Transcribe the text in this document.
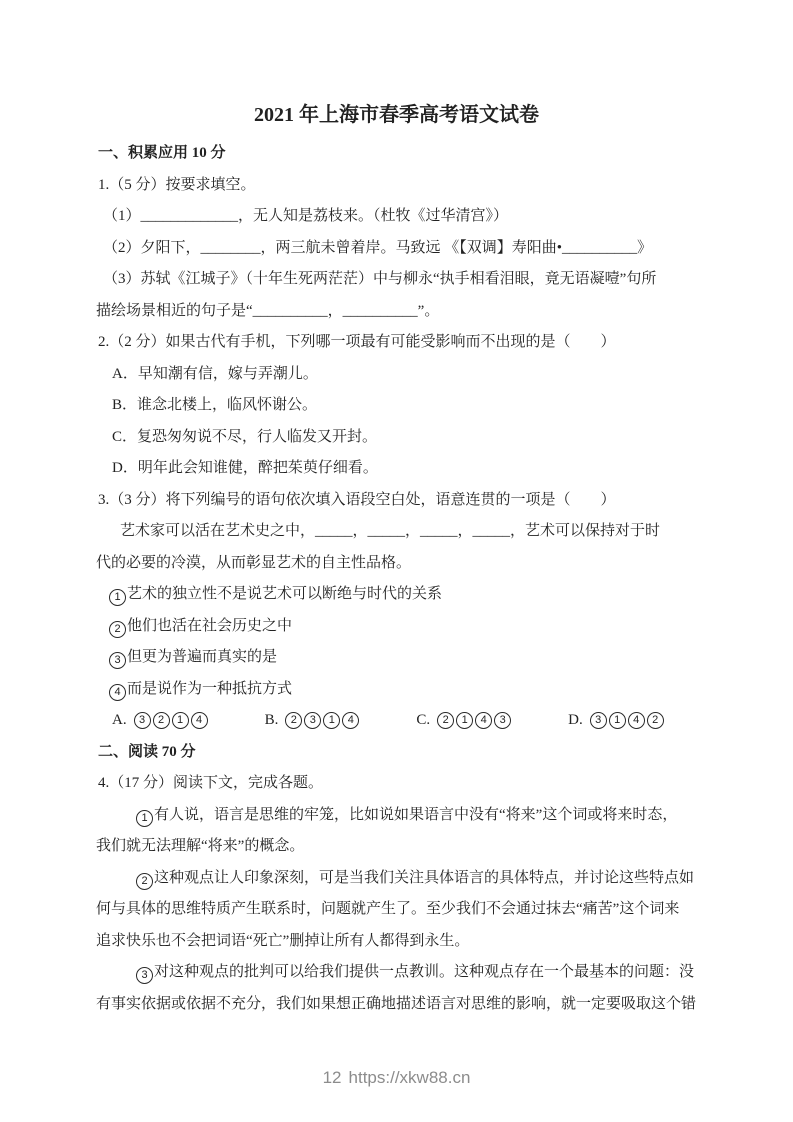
2021 年上海市春季高考语文试卷
一、积累应用 10 分
1.（5 分）按要求填空。
（1）_____________，无人知是荔枝来。（杜牧《过华清宫》）
（2）夕阳下，________，两三航未曾着岸。马致远 《【双调】寿阳曲•__________》
（3）苏轼《江城子》（十年生死两茫茫）中与柳永“执手相看泪眼，竟无语凝噎”句所
描绘场景相近的句子是“__________，__________”。
2.（2 分）如果古代有手机，下列哪一项最有可能受影响而不出现的是（　　）
A．早知潮有信，嫁与弄潮儿。
B．谁念北楼上，临风怀谢公。
C．复恐匆匆说不尽，行人临发又开封。
D．明年此会知谁健，醉把茱萸仔细看。
3.（3 分）将下列编号的语句依次填入语段空白处，语意连贯的一项是（　　）
艺术家可以活在艺术史之中，_____，_____，_____，_____，艺术可以保持对于时
代的必要的冷漠，从而彰显艺术的自主性品格。
1 艺术的独立性不是说艺术可以断绝与时代的关系
2 他们也活在社会历史之中
3 但更为普遍而真实的是
4 而是说作为一种抵抗方式
A.	3	2	1	4	B.	2	3	1	4	C.	2	1	4	3	D.	3	1	4	2
二、阅读 70 分
4.（17 分）阅读下文，完成各题。
1 有人说，语言是思维的牢笼，比如说如果语言中没有“将来”这个词或将来时态，
我们就无法理解“将来”的概念。
2 这种观点让人印象深刻，可是当我们关注具体语言的具体特点，并讨论这些特点如
何与具体的思维特质产生联系时，问题就产生了。至少我们不会通过抹去“痛苦”这个词来
追求快乐也不会把词语“死亡”删掉让所有人都得到永生。
3 对这种观点的批判可以给我们提供一点教训。这种观点存在一个最基本的问题：没
有事实依据或依据不充分，我们如果想正确地描述语言对思维的影响，就一定要吸取这个错
12 https://xkw88.cn
